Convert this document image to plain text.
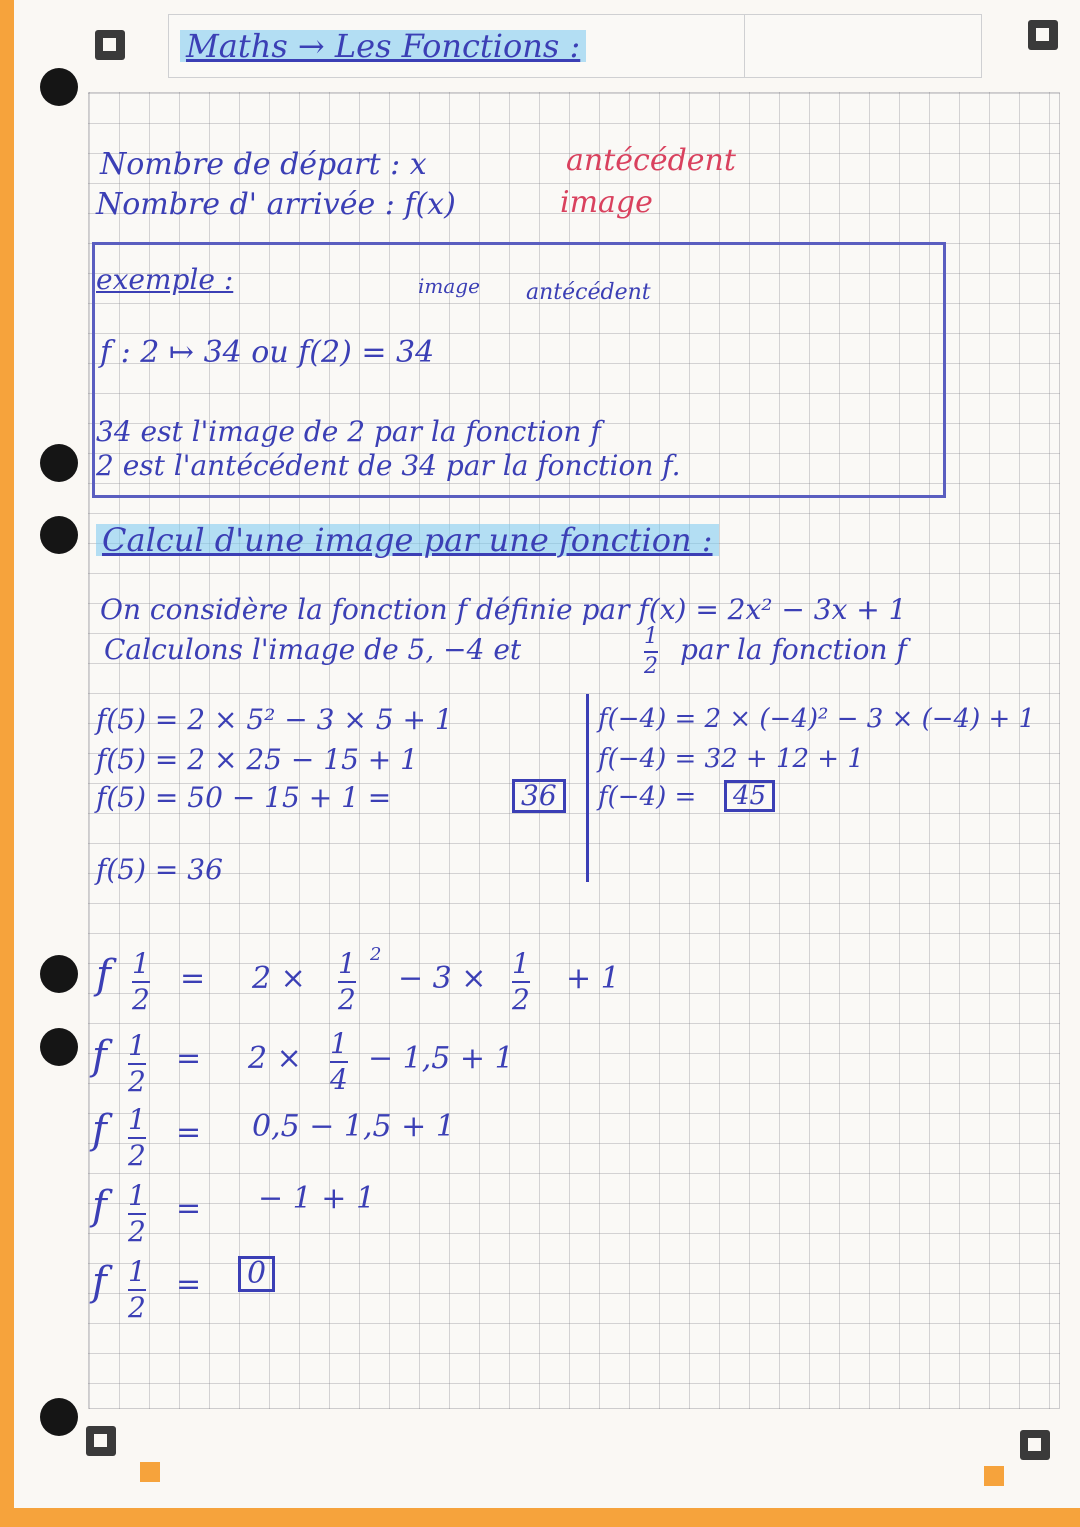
Maths → Les Fonctions :
Nombre de départ : x	antécédent
Nombre d' arrivée : f(x)	image
exemple :	image antécédent
f : 2 ↦ 34 ou f(2) = 34
34 est l'image de 2 par la fonction f
2 est l'antécédent de 34 par la fonction f.
Calcul d'une image par une fonction :
On considère la fonction f définie par f(x) = 2x² − 3x + 1
Calculons l'image de 5, −4 et	1
2
par la fonction f
f(5) = 2 × 5² − 3 × 5 + 1
f(5) = 2 × 25 − 15 + 1
f(5) = 50 − 15 + 1 =	36
f(5) = 36
f(−4) = 2 × (−4)² − 3 × (−4) + 1
f(−4) = 32 + 12 + 1
f(−4) =	45
f 1
2
= 2 × 1
2
2
− 3 × 1
2
+ 1
f 1
2
= 2 × 1
4
− 1,5 + 1
f 1
2
= 0,5 − 1,5 + 1
f 1
2
= − 1 + 1
f 1
2
=	0
